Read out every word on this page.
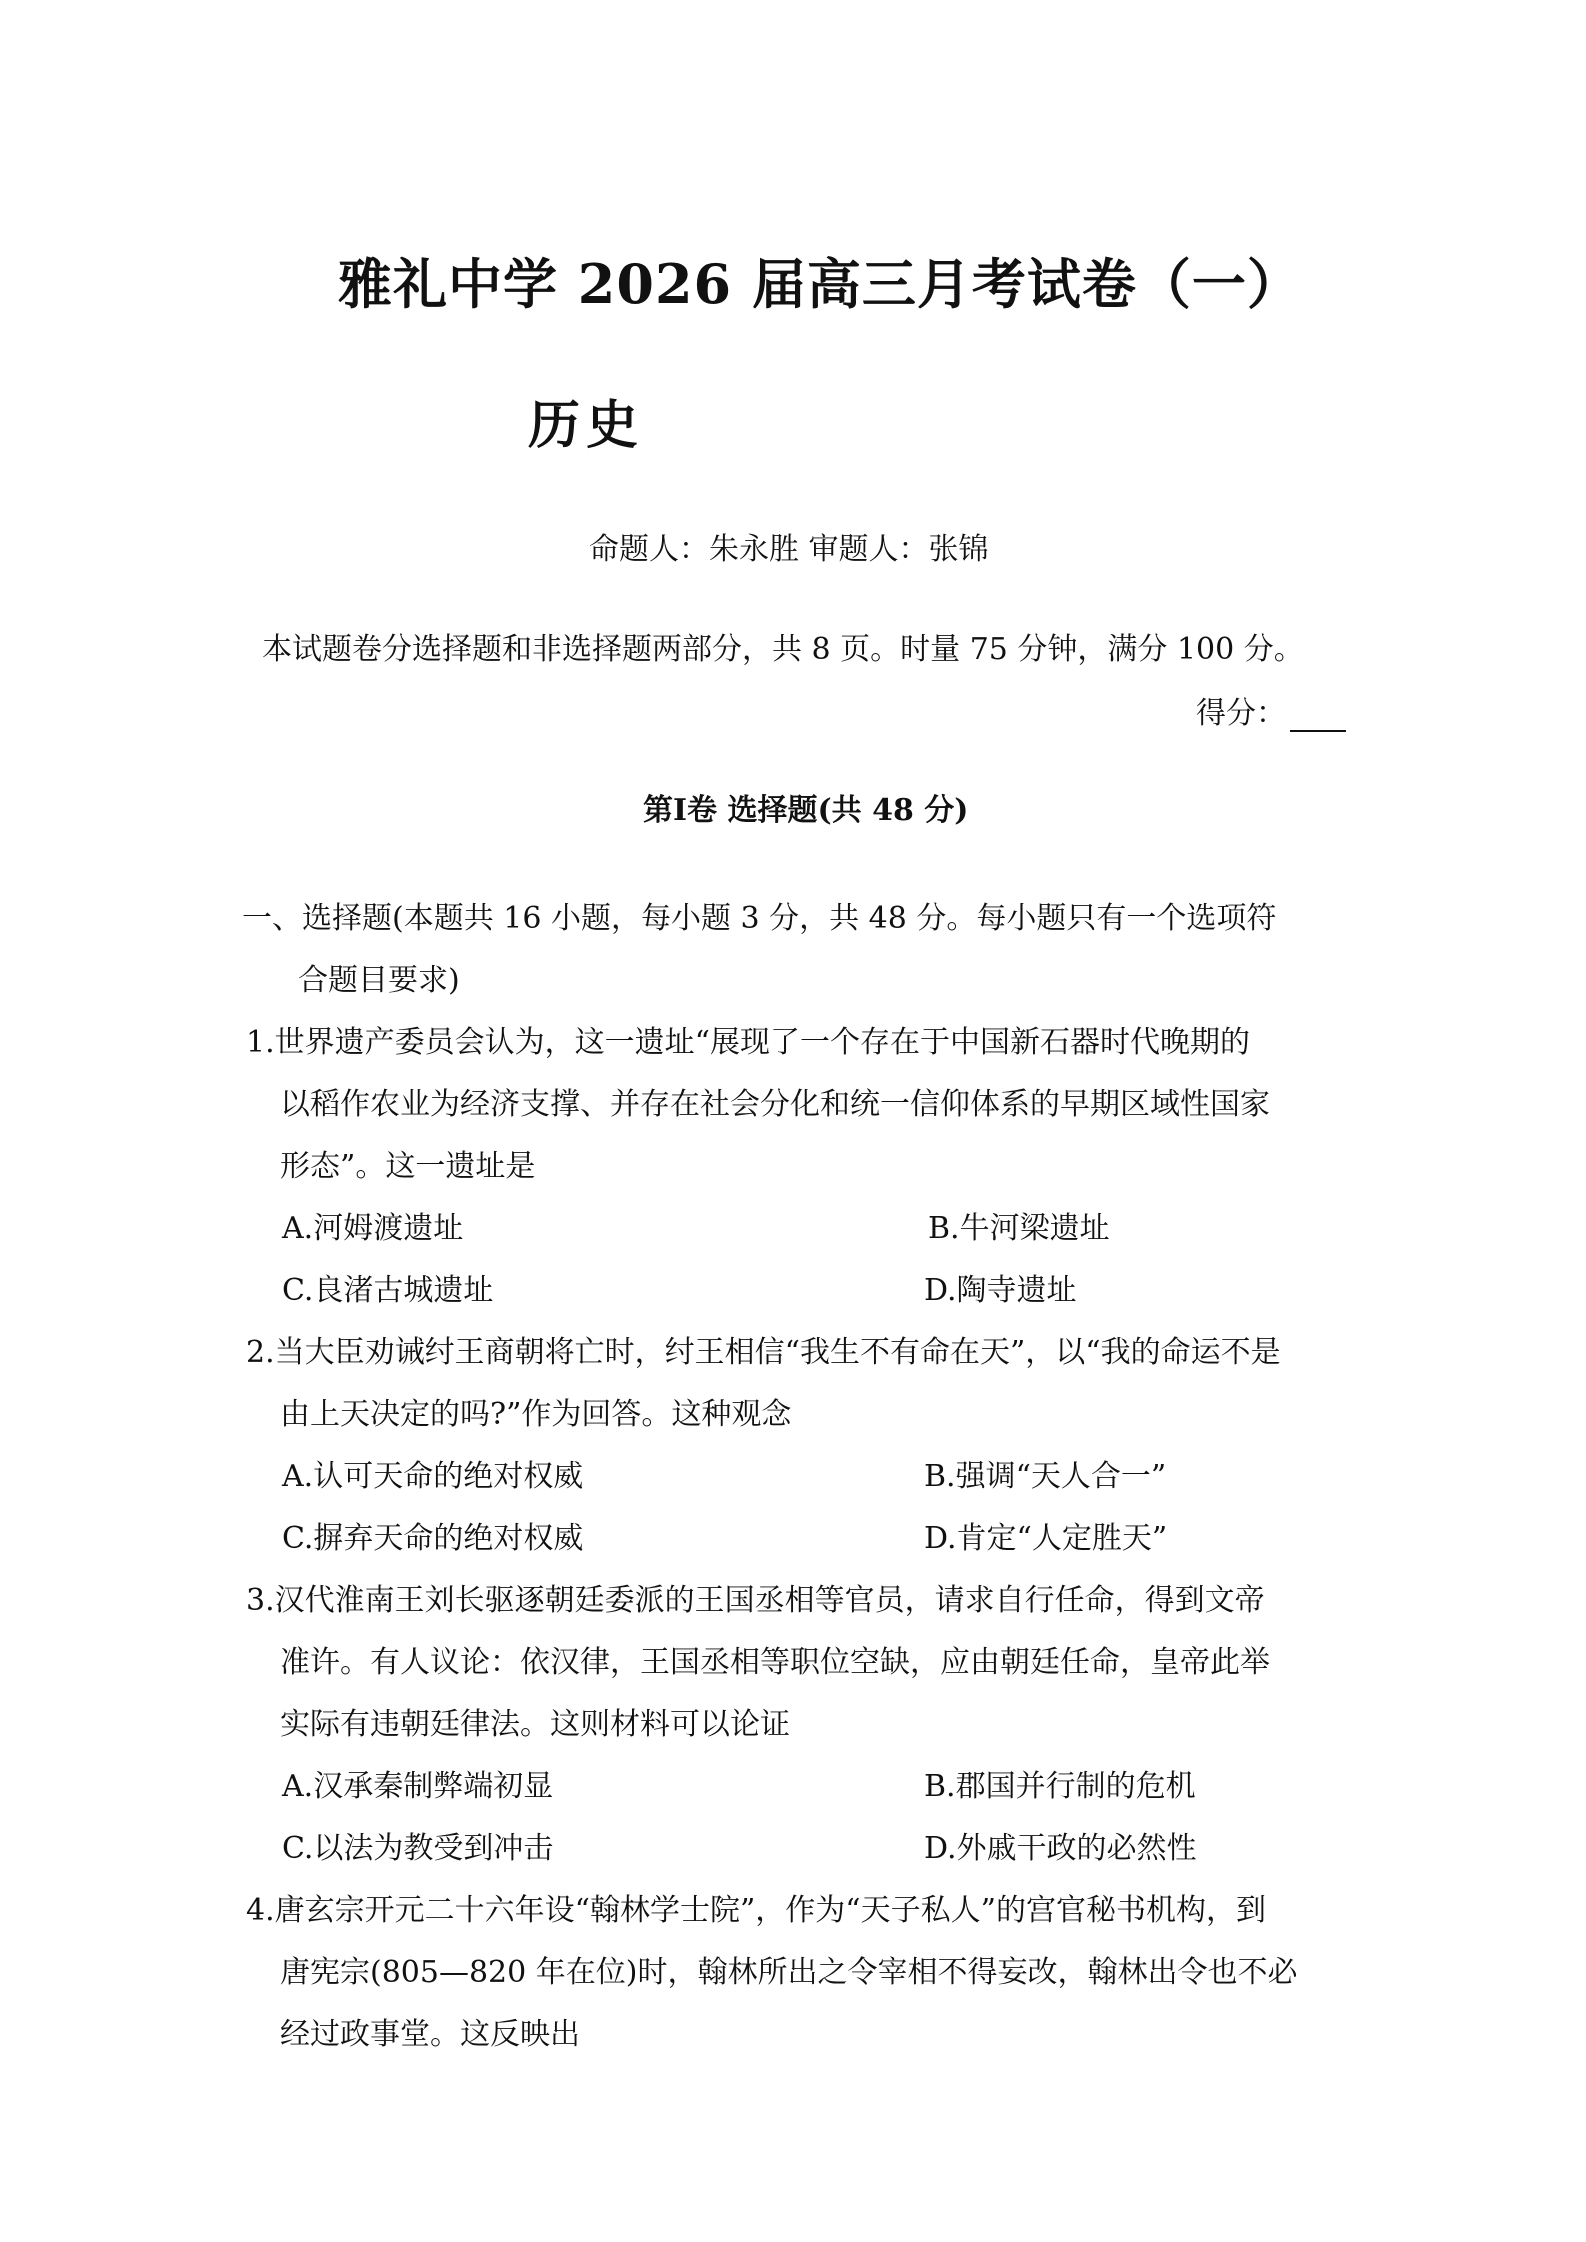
雅礼中学 2026 届高三月考试卷（一）
历史
命题人：朱永胜 审题人：张锦
本试题卷分选择题和非选择题两部分，共 8 页。时量 75 分钟，满分 100 分。
得分：
第Ⅰ卷 选择题(共 48 分)
一、选择题(本题共 16 小题，每小题 3 分，共 48 分。每小题只有一个选项符
合题目要求)
1.世界遗产委员会认为，这一遗址“展现了一个存在于中国新石器时代晚期的
以稻作农业为经济支撑、并存在社会分化和统一信仰体系的早期区域性国家
形态”。这一遗址是
A.河姆渡遗址	B.牛河梁遗址
C.良渚古城遗址	D.陶寺遗址
2.当大臣劝诫纣王商朝将亡时，纣王相信“我生不有命在天”，以“我的命运不是
由上天决定的吗?”作为回答。这种观念
A.认可天命的绝对权威	B.强调“天人合一”
C.摒弃天命的绝对权威	D.肯定“人定胜天”
3.汉代淮南王刘长驱逐朝廷委派的王国丞相等官员，请求自行任命，得到文帝
准许。有人议论：依汉律，王国丞相等职位空缺，应由朝廷任命，皇帝此举
实际有违朝廷律法。这则材料可以论证
A.汉承秦制弊端初显	B.郡国并行制的危机
C.以法为教受到冲击	D.外戚干政的必然性
4.唐玄宗开元二十六年设“翰林学士院”，作为“天子私人”的宫官秘书机构，到
唐宪宗(805—820 年在位)时，翰林所出之令宰相不得妄改，翰林出令也不必
经过政事堂。这反映出
